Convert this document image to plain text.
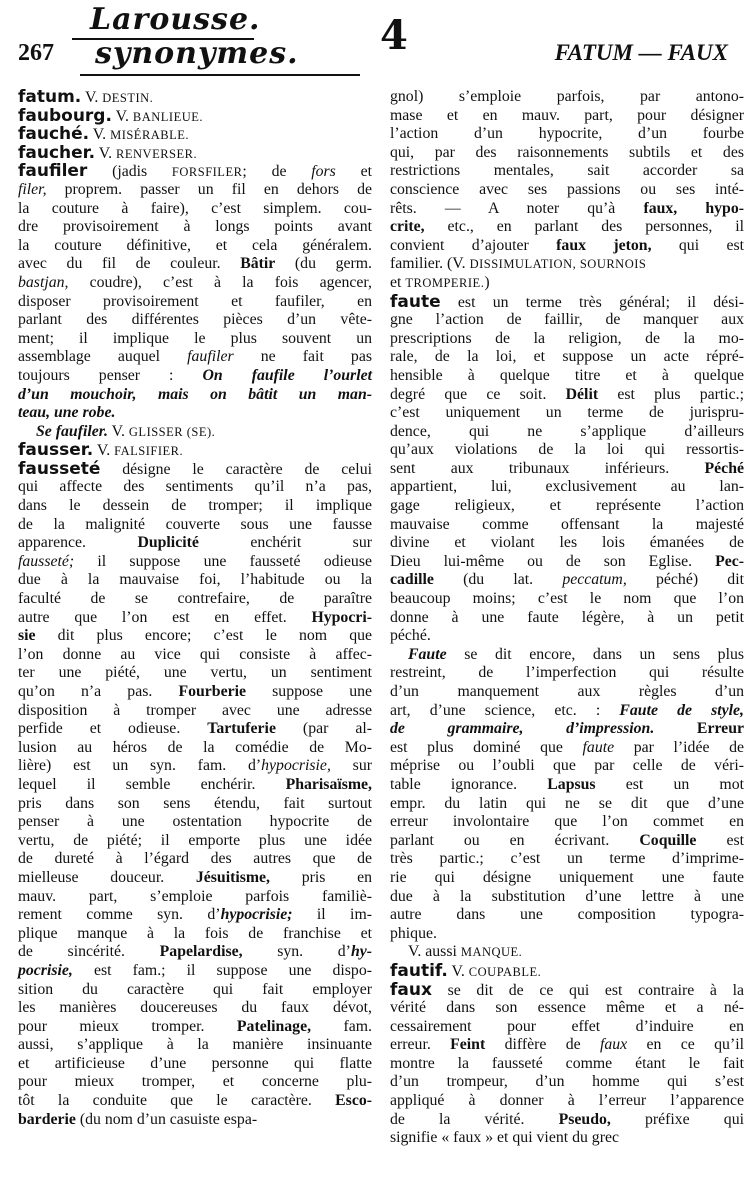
267
Larousse.
synonymes. 4	FATUM — FAUX
fatum. V. DESTIN.
faubourg. V. BANLIEUE.
fauché. V. MISÉRABLE.
faucher. V. RENVERSER.
faufiler (jadis FORSFILER; de fors et
filer, proprem. passer un fil en dehors de
la couture à faire), c’est simplem. cou-
dre provisoirement à longs points avant
la couture définitive, et cela généralem.
avec du fil de couleur. Bâtir (du germ.
bastjan, coudre), c’est à la fois agencer,
disposer provisoirement et faufiler, en
parlant des différentes pièces d’un vête-
ment; il implique le plus souvent un
assemblage auquel faufiler ne fait pas
toujours penser : On faufile l’ourlet
d’un mouchoir, mais on bâtit un man-
teau, une robe.
Se faufiler. V. GLISSER (SE).
fausser. V. FALSIFIER.
fausseté désigne le caractère de celui
qui affecte des sentiments qu’il n’a pas,
dans le dessein de tromper; il implique
de la malignité couverte sous une fausse
apparence. Duplicité enchérit sur
fausseté; il suppose une fausseté odieuse
due à la mauvaise foi, l’habitude ou la
faculté de se contrefaire, de paraître
autre que l’on est en effet. Hypocri-
sie dit plus encore; c’est le nom que
l’on donne au vice qui consiste à affec-
ter une piété, une vertu, un sentiment
qu’on n’a pas. Fourberie suppose une
disposition à tromper avec une adresse
perfide et odieuse. Tartuferie (par al-
lusion au héros de la comédie de Mo-
lière) est un syn. fam. d’hypocrisie, sur
lequel il semble enchérir. Pharisaïsme,
pris dans son sens étendu, fait surtout
penser à une ostentation hypocrite de
vertu, de piété; il emporte plus une idée
de dureté à l’égard des autres que de
mielleuse douceur. Jésuitisme, pris en
mauv. part, s’emploie parfois familiè-
rement comme syn. d’hypocrisie; il im-
plique manque à la fois de franchise et
de sincérité. Papelardise, syn. d’hy-
pocrisie, est fam.; il suppose une dispo-
sition du caractère qui fait employer
les manières doucereuses du faux dévot,
pour mieux tromper. Patelinage, fam.
aussi, s’applique à la manière insinuante
et artificieuse d’une personne qui flatte
pour mieux tromper, et concerne plu-
tôt la conduite que le caractère. Esco-
barderie (du nom d’un casuiste espa-
gnol) s’emploie parfois, par antono-
mase et en mauv. part, pour désigner
l’action d’un hypocrite, d’un fourbe
qui, par des raisonnements subtils et des
restrictions mentales, sait accorder sa
conscience avec ses passions ou ses inté-
rêts. — A noter qu’à faux, hypo-
crite, etc., en parlant des personnes, il
convient d’ajouter faux jeton, qui est
familier. (V. DISSIMULATION, SOURNOIS
et TROMPERIE.)
faute est un terme très général; il dési-
gne l’action de faillir, de manquer aux
prescriptions de la religion, de la mo-
rale, de la loi, et suppose un acte répré-
hensible à quelque titre et à quelque
degré que ce soit. Délit est plus partic.;
c’est uniquement un terme de jurispru-
dence, qui ne s’applique d’ailleurs
qu’aux violations de la loi qui ressortis-
sent aux tribunaux inférieurs. Péché
appartient, lui, exclusivement au lan-
gage religieux, et représente l’action
mauvaise comme offensant la majesté
divine et violant les lois émanées de
Dieu lui-même ou de son Eglise. Pec-
cadille (du lat. peccatum, péché) dit
beaucoup moins; c’est le nom que l’on
donne à une faute légère, à un petit
péché.
Faute se dit encore, dans un sens plus
restreint, de l’imperfection qui résulte
d’un manquement aux règles d’un
art, d’une science, etc. : Faute de style,
de grammaire, d’impression.	Erreur
est plus dominé que faute par l’idée de
méprise ou l’oubli que par celle de véri-
table ignorance. Lapsus est un mot
empr. du latin qui ne se dit que d’une
erreur involontaire que l’on commet en
parlant ou en écrivant. Coquille est
très partic.; c’est un terme d’imprime-
rie qui désigne uniquement une faute
due à la substitution d’une lettre à une
autre dans une composition typogra-
phique.
V. aussi MANQUE.
fautif. V. COUPABLE.
faux se dit de ce qui est contraire à la
vérité dans son essence même et a né-
cessairement pour effet d’induire en
erreur. Feint diffère de faux en ce qu’il
montre la fausseté comme étant le fait
d’un trompeur, d’un homme qui s’est
appliqué à donner à l’erreur l’apparence
de la vérité. Pseudo, préfixe qui
signifie « faux » et qui vient du grec
